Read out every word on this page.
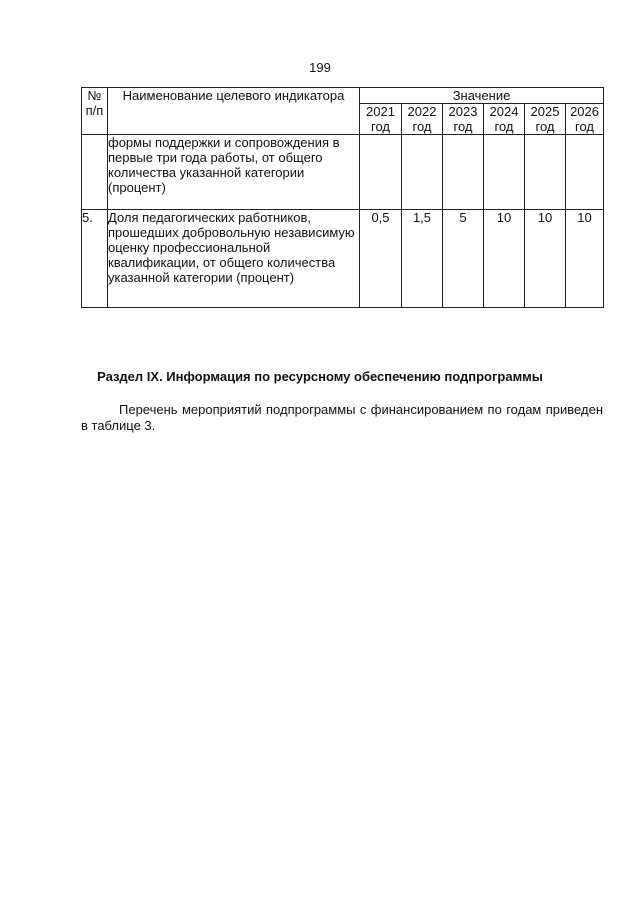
199
№ п/п	Наименование целевого индикатора	Значение					
		2021 год	2022 год	2023 год	2024 год	2025 год	2026 год
	формы поддержки и сопровождения в первые три года работы, от общего количества указанной категории (процент)						
5.	Доля педагогических работников, прошедших добровольную независимую оценку профессиональной квалификации, от общего количества указанной категории (процент)	0,5	1,5	5	10	10	10
Раздел IX. Информация по ресурсному обеспечению подпрограммы

Перечень мероприятий подпрограммы с финансированием по годам приведен в таблице 3.
